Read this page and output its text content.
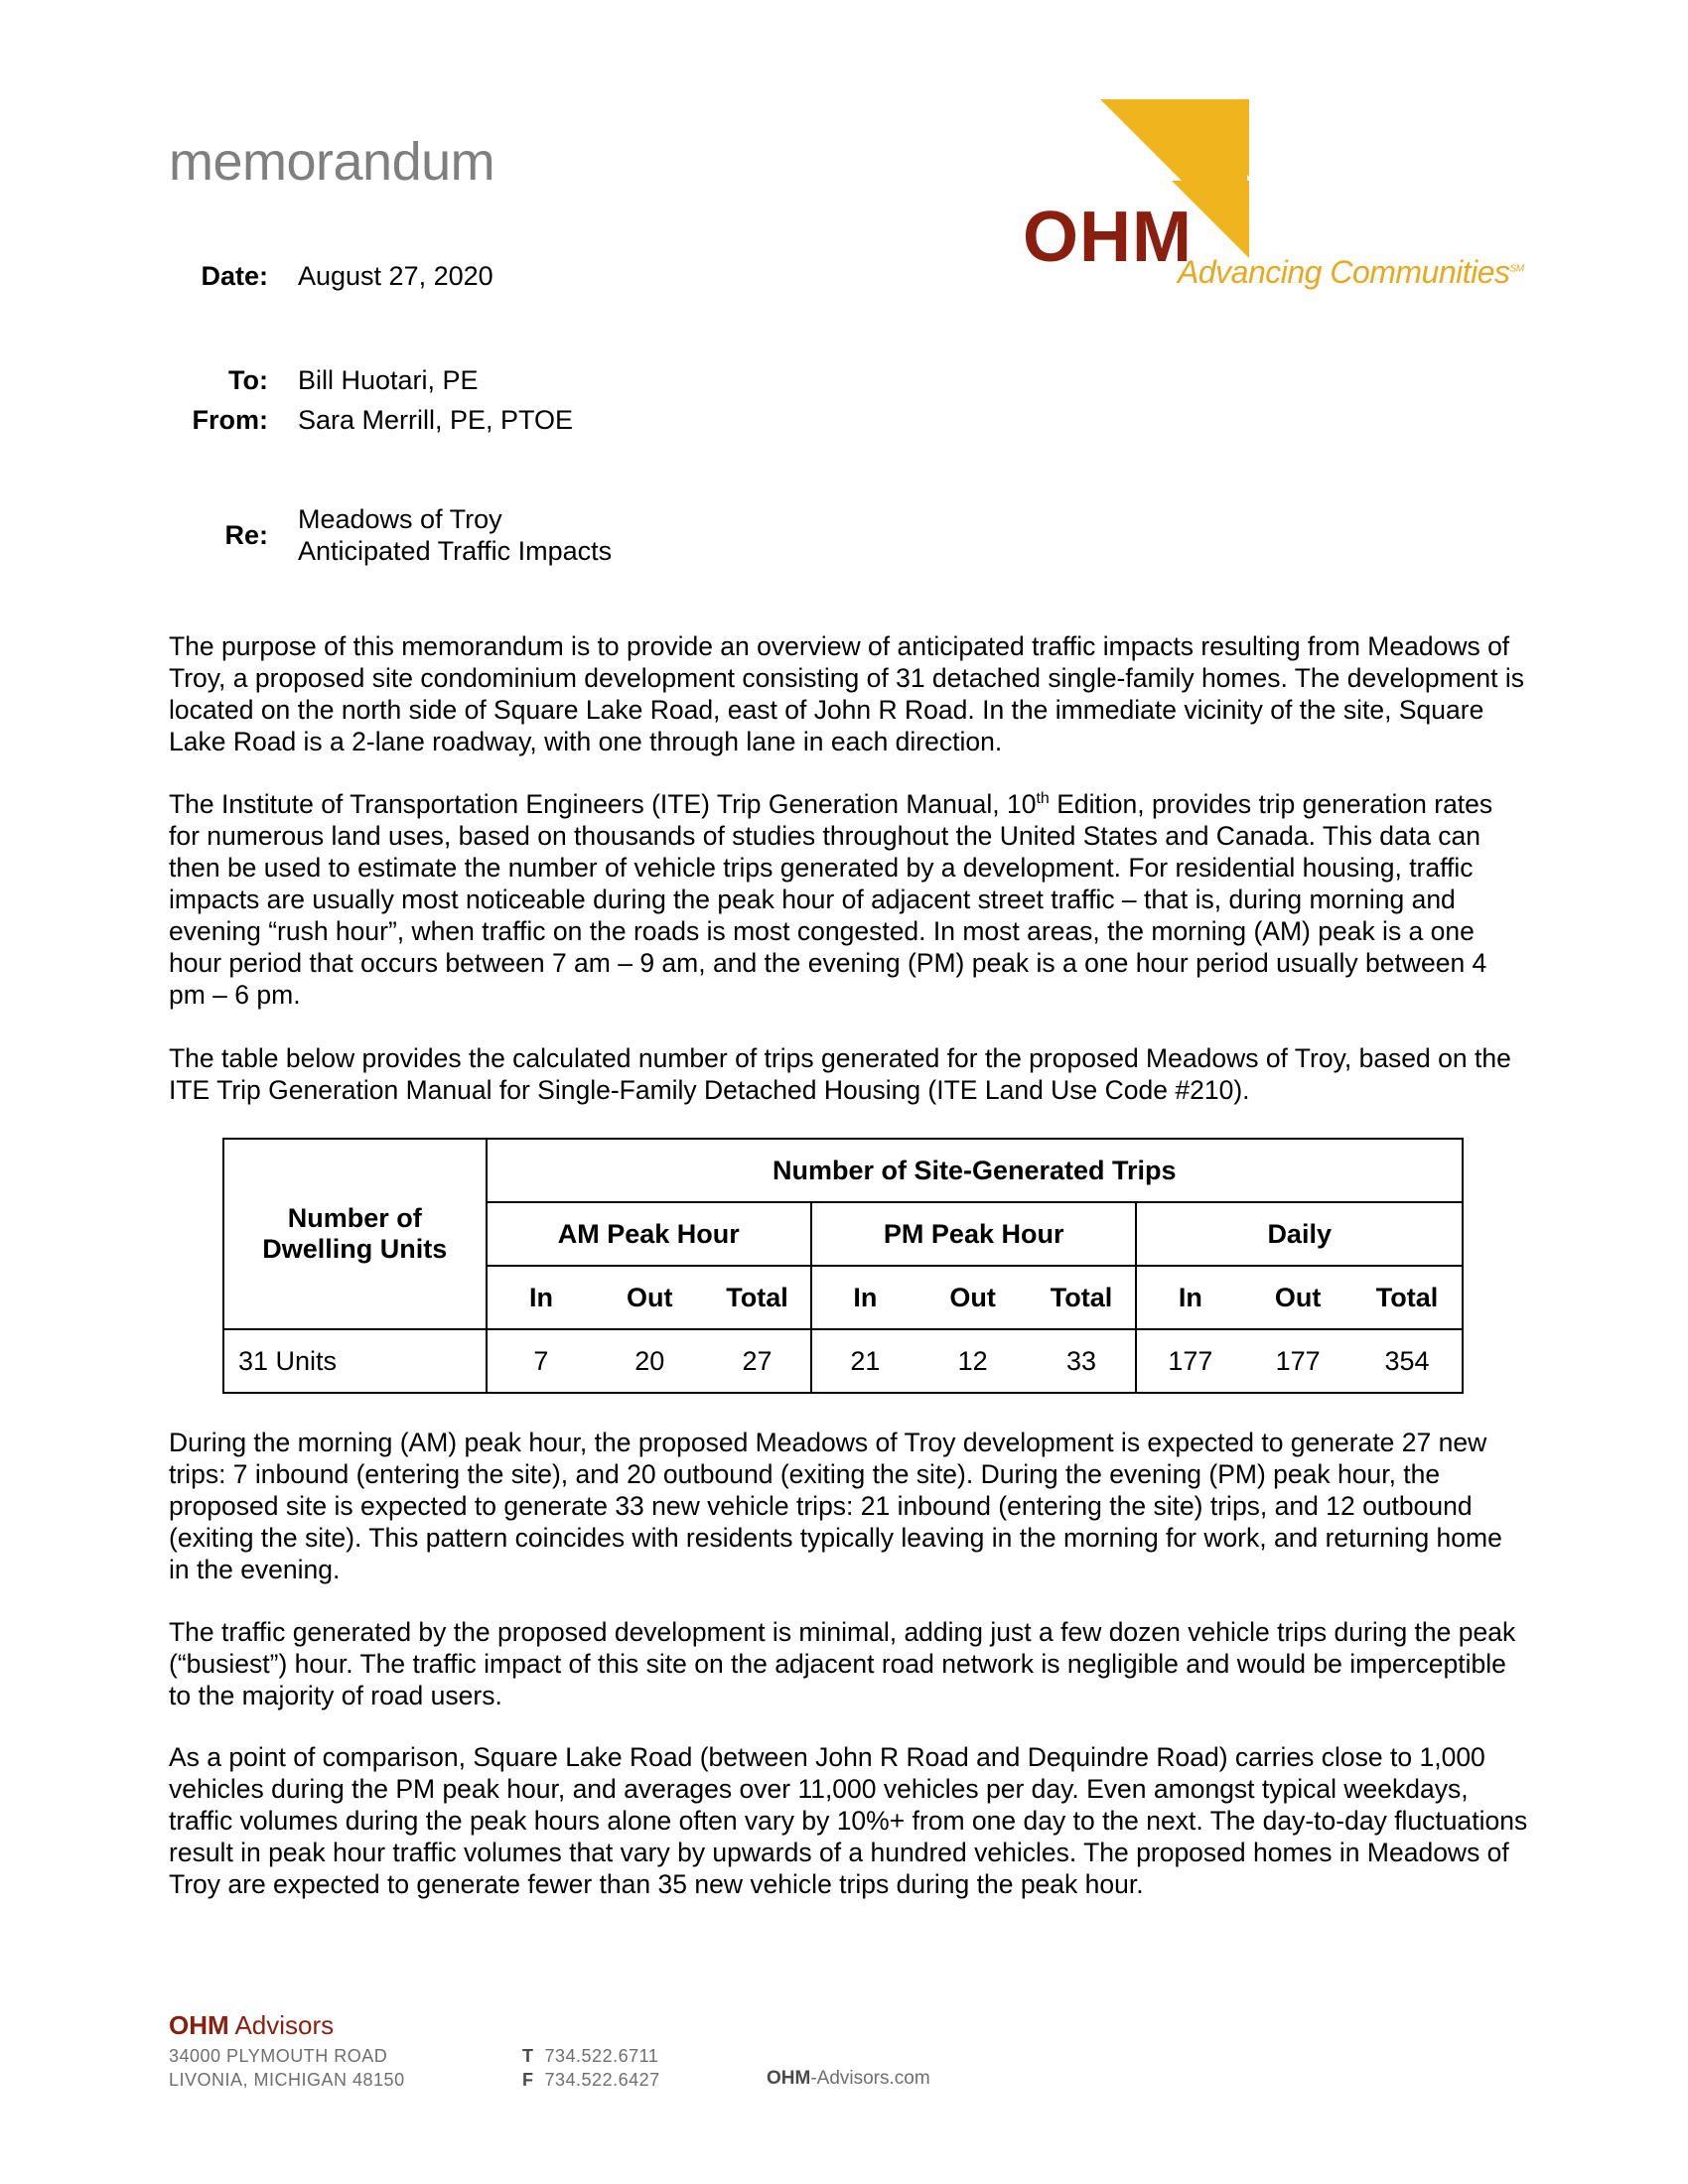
memorandum
OHM
Advancing Communities℠
Date: August 27, 2020
To: Bill Huotari, PE
From: Sara Merrill, PE, PTOE
Re:
Meadows of Troy
Anticipated Traffic Impacts
The purpose of this memorandum is to provide an overview of anticipated traffic impacts resulting from Meadows of Troy, a proposed site condominium development consisting of 31 detached single-family homes. The development is located on the north side of Square Lake Road, east of John R Road. In the immediate vicinity of the site, Square Lake Road is a 2-lane roadway, with one through lane in each direction.
The Institute of Transportation Engineers (ITE) Trip Generation Manual, 10th Edition, provides trip generation rates for numerous land uses, based on thousands of studies throughout the United States and Canada. This data can then be used to estimate the number of vehicle trips generated by a development. For residential housing, traffic impacts are usually most noticeable during the peak hour of adjacent street traffic – that is, during morning and evening “rush hour”, when traffic on the roads is most congested. In most areas, the morning (AM) peak is a one hour period that occurs between 7 am – 9 am, and the evening (PM) peak is a one hour period usually between 4 pm – 6 pm.
The table below provides the calculated number of trips generated for the proposed Meadows of Troy, based on the ITE Trip Generation Manual for Single-Family Detached Housing (ITE Land Use Code #210).
Number of
Dwelling Units	Number of Site-Generated Trips								
	AM Peak Hour			PM Peak Hour			Daily		
	In	Out	Total	In	Out	Total	In	Out	Total
31 Units	7	20	27	21	12	33	177	177	354
During the morning (AM) peak hour, the proposed Meadows of Troy development is expected to generate 27 new trips: 7 inbound (entering the site), and 20 outbound (exiting the site). During the evening (PM) peak hour, the proposed site is expected to generate 33 new vehicle trips: 21 inbound (entering the site) trips, and 12 outbound (exiting the site). This pattern coincides with residents typically leaving in the morning for work, and returning home in the evening.
The traffic generated by the proposed development is minimal, adding just a few dozen vehicle trips during the peak (“busiest”) hour. The traffic impact of this site on the adjacent road network is negligible and would be imperceptible to the majority of road users.
As a point of comparison, Square Lake Road (between John R Road and Dequindre Road) carries close to 1,000 vehicles during the PM peak hour, and averages over 11,000 vehicles per day. Even amongst typical weekdays, traffic volumes during the peak hours alone often vary by 10%+ from one day to the next. The day-to-day fluctuations result in peak hour traffic volumes that vary by upwards of a hundred vehicles. The proposed homes in Meadows of Troy are expected to generate fewer than 35 new vehicle trips during the peak hour.
OHM Advisors
34000 PLYMOUTH ROAD
LIVONIA, MICHIGAN 48150
T 734.522.6711
F 734.522.6427	OHM-Advisors.com
